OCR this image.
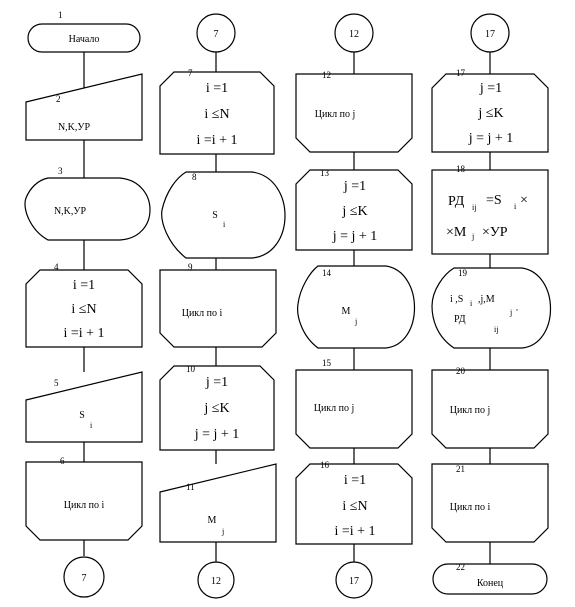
1
Начало
2
N,K,УР
3
N,K,УР
4
i =1
i ≤N
i =i + 1
5
S
i
6
Цикл по i
7
7
7
i =1
i ≤N
i =i + 1
8
S
i
9
Цикл по i
10
j =1
j ≤K
j = j + 1
11
M
j
12
12
12
Цикл по j
13
j =1
j ≤K
j = j + 1
14
M
j
15
Цикл по j
16
i =1
i ≤N
i =i + 1
17
17
17
j =1
j ≤K
j = j + 1
18
РД ij =S i ×
×M j ×УР
19
i ,S i ,j,M
j
,
РД
ij
20
Цикл по j
21
Цикл по i
22
Конец
